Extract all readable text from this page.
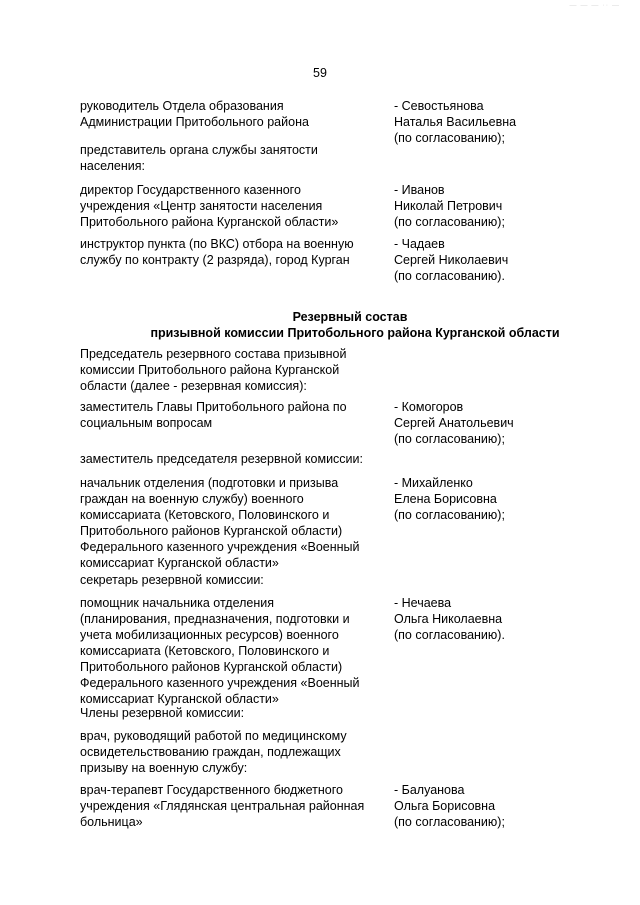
— — — ·· —
59
руководитель Отдела образования
Администрации Притобольного района
- Севостьянова
Наталья Васильевна
(по согласованию);
представитель органа службы занятости
населения:
директор Государственного казенного
учреждения «Центр занятости населения
Притобольного района Курганской области»
- Иванов
Николай Петрович
(по согласованию);
инструктор пункта (по ВКС) отбора на военную
службу по контракту (2 разряда), город Курган
- Чадаев
Сергей Николаевич
(по согласованию).
Резервный состав
призывной комиссии Притобольного района Курганской области
Председатель резервного состава призывной
комиссии Притобольного района Курганской
области (далее - резервная комиссия):
заместитель Главы Притобольного района по
социальным вопросам
- Комогоров
Сергей Анатольевич
(по согласованию);
заместитель председателя резервной комиссии:
начальник отделения (подготовки и призыва
граждан на военную службу) военного
комиссариата (Кетовского, Половинского и
Притобольного районов Курганской области)
Федерального казенного учреждения «Военный
комиссариат Курганской области»
- Михайленко
Елена Борисовна
(по согласованию);
секретарь резервной комиссии:
помощник начальника отделения
(планирования, предназначения, подготовки и
учета мобилизационных ресурсов) военного
комиссариата (Кетовского, Половинского и
Притобольного районов Курганской области)
Федерального казенного учреждения «Военный
комиссариат Курганской области»
- Нечаева
Ольга Николаевна
(по согласованию).
Члены резервной комиссии:
врач, руководящий работой по медицинскому
освидетельствованию граждан, подлежащих
призыву на военную службу:
врач-терапевт Государственного бюджетного
учреждения «Глядянская центральная районная
больница»
- Балуанова
Ольга Борисовна
(по согласованию);
